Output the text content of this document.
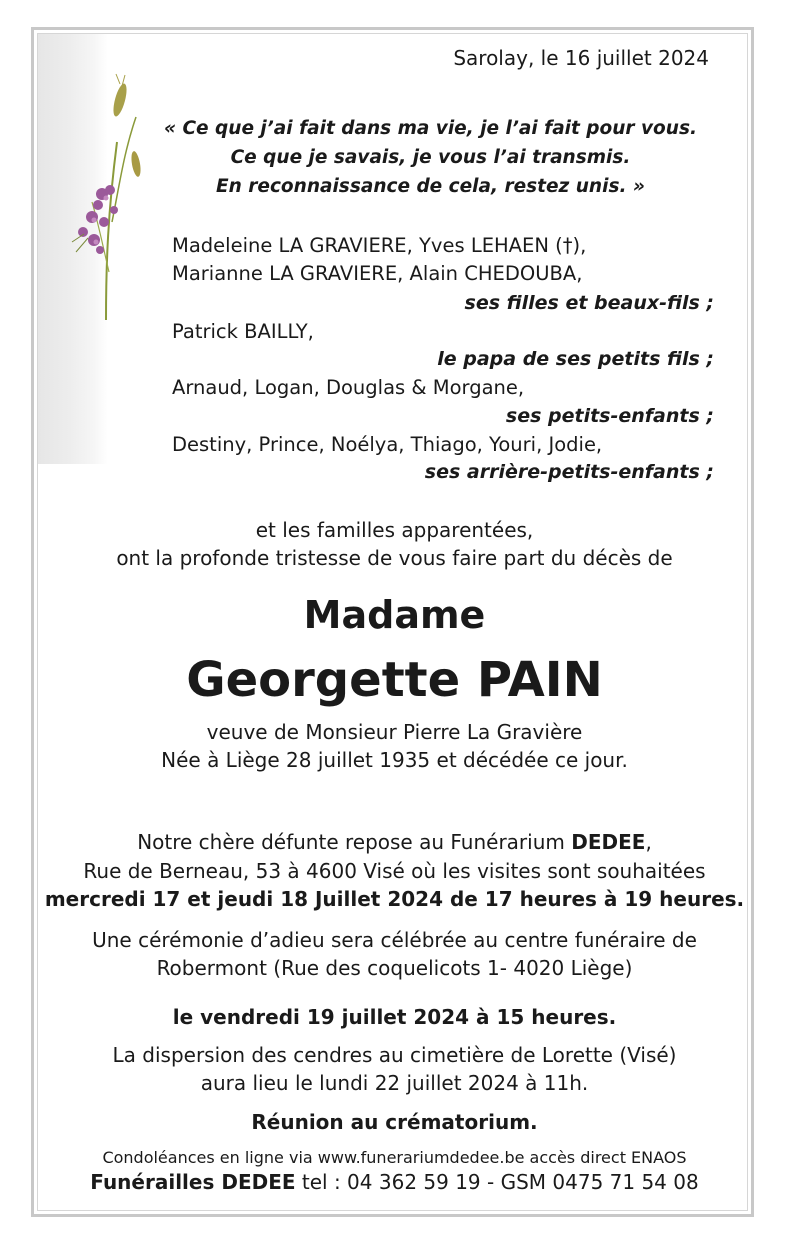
Sarolay, le 16 juillet 2024

« Ce que j’ai fait dans ma vie, je l’ai fait pour vous.

Ce que je savais, je vous l’ai transmis.

En reconnaissance de cela, restez unis. »

Madeleine LA GRAVIERE, Yves LEHAEN (†),

Marianne LA GRAVIERE, Alain CHEDOUBA,

ses filles et beaux-fils ;

Patrick BAILLY,

le papa de ses petits fils ;

Arnaud, Logan, Douglas & Morgane,

ses petits-enfants ;

Destiny, Prince, Noélya, Thiago, Youri, Jodie,

ses arrière-petits-enfants ;

et les familles apparentées,

ont la profonde tristesse de vous faire part du décès de

Madame

Georgette PAIN

veuve de Monsieur Pierre La Gravière

Née à Liège 28 juillet 1935 et décédée ce jour.

Notre chère défunte repose au Funérarium DEDEE,

Rue de Berneau, 53 à 4600 Visé où les visites sont souhaitées

mercredi 17 et jeudi 18 Juillet 2024 de 17 heures à 19 heures.

Une cérémonie d’adieu sera célébrée au centre funéraire de

Robermont (Rue des coquelicots 1- 4020 Liège)

le vendredi 19 juillet 2024 à 15 heures.

La dispersion des cendres au cimetière de Lorette (Visé)

aura lieu le lundi 22 juillet 2024 à 11h.

Réunion au crématorium.

Condoléances en ligne via www.funerariumdedee.be accès direct ENAOS

Funérailles DEDEE tel : 04 362 59 19 - GSM 0475 71 54 08
